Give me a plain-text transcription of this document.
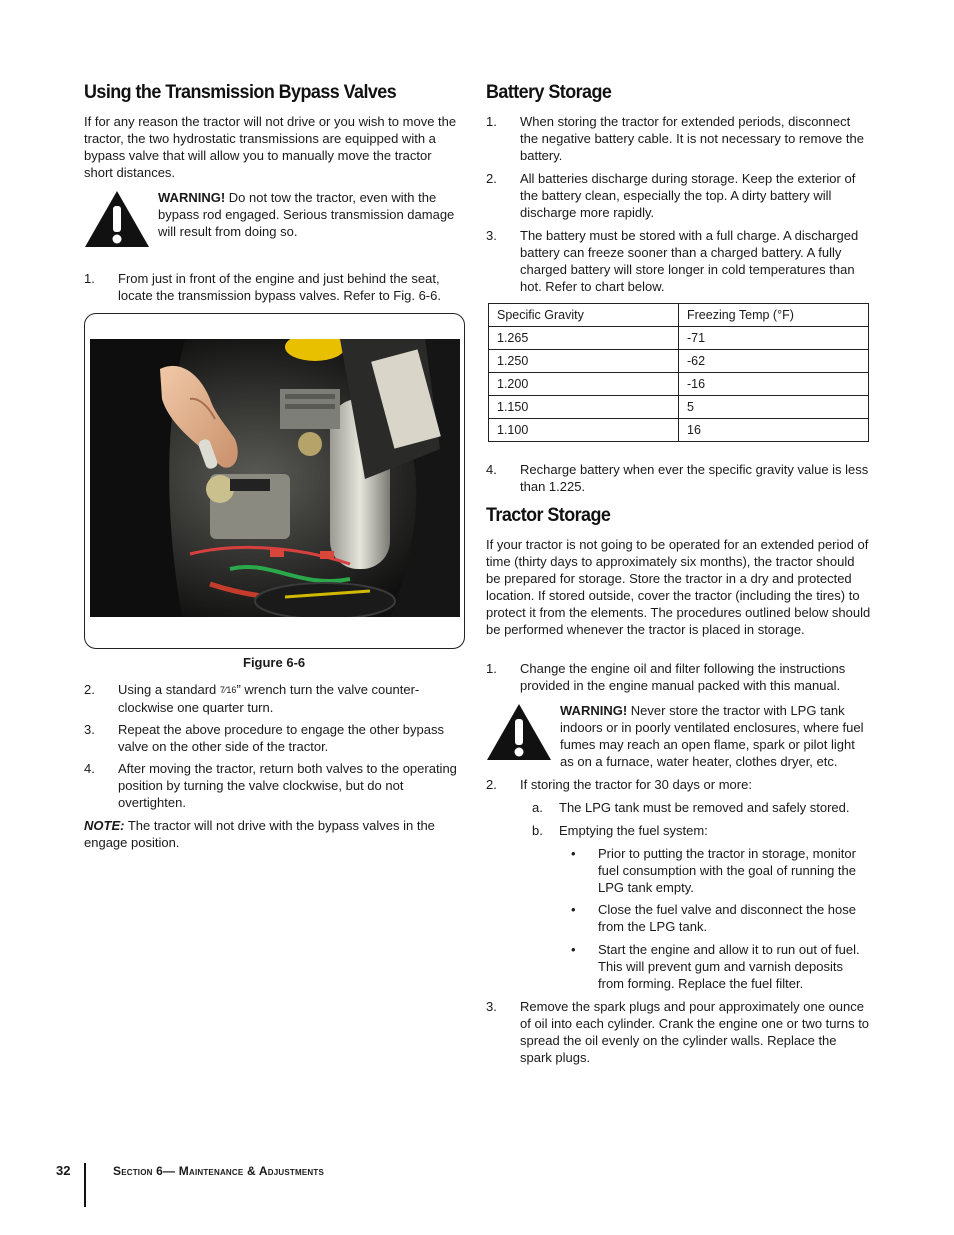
Using the Transmission Bypass Valves

If for any reason the tractor will not drive or you wish to move the tractor, the two hydrostatic transmissions are equipped with a bypass valve that will allow you to manually move the tractor short distances.

WARNING! Do not tow the tractor, even with the bypass rod engaged. Serious transmission damage will result from doing so.

1.	From just in front of the engine and just behind the seat, locate the transmission bypass valves. Refer to Fig. 6-6.
Figure 6-6
2.	Using a standard 7⁄16” wrench turn the valve counter-clockwise one quarter turn.
3.	Repeat the above procedure to engage the other bypass valve on the other side of the tractor.
4.	After moving the tractor, return both valves to the operating position by turning the valve clockwise, but do not overtighten.

NOTE: The tractor will not drive with the bypass valves in the engage position.

Battery Storage
1.	When storing the tractor for extended periods, disconnect the negative battery cable. It is not necessary to remove the battery.
2.	All batteries discharge during storage. Keep the exterior of the battery clean, especially the top. A dirty battery will discharge more rapidly.
3.	The battery must be stored with a full charge. A discharged battery can freeze sooner than a charged battery. A fully charged battery will store longer in cold temperatures than hot. Refer to chart below.
Specific Gravity	Freezing Temp (°F)
1.265	-71
1.250	-62
1.200	-16
1.150	5
1.100	16
4.	Recharge battery when ever the specific gravity value is less than 1.225.
Tractor Storage

If your tractor is not going to be operated for an extended period of time (thirty days to approximately six months), the tractor should be prepared for storage. Store the tractor in a dry and protected location. If stored outside, cover the tractor (including the tires) to protect it from the elements. The procedures outlined below should be performed whenever the tractor is placed in storage.

1.	Change the engine oil and filter following the instructions provided in the engine manual packed with this manual.

WARNING! Never store the tractor with LPG tank indoors or in poorly ventilated enclosures, where fuel fumes may reach an open flame, spark or pilot light as on a furnace, water heater, clothes dryer, etc.

2.	If storing the tractor for 30 days or more:
a.	The LPG tank must be removed and safely stored.
b.	Emptying the fuel system:
• Prior to putting the tractor in storage, monitor fuel consumption with the goal of running the LPG tank empty.
• Close the fuel valve and disconnect the hose from the LPG tank.
• Start the engine and allow it to run out of fuel. This will prevent gum and varnish deposits from forming. Replace the fuel filter.
3.	Remove the spark plugs and pour approximately one ounce of oil into each cylinder. Crank the engine one or two turns to spread the oil evenly on the cylinder walls. Replace the spark plugs.
32	Section 6— Maintenance & Adjustments
